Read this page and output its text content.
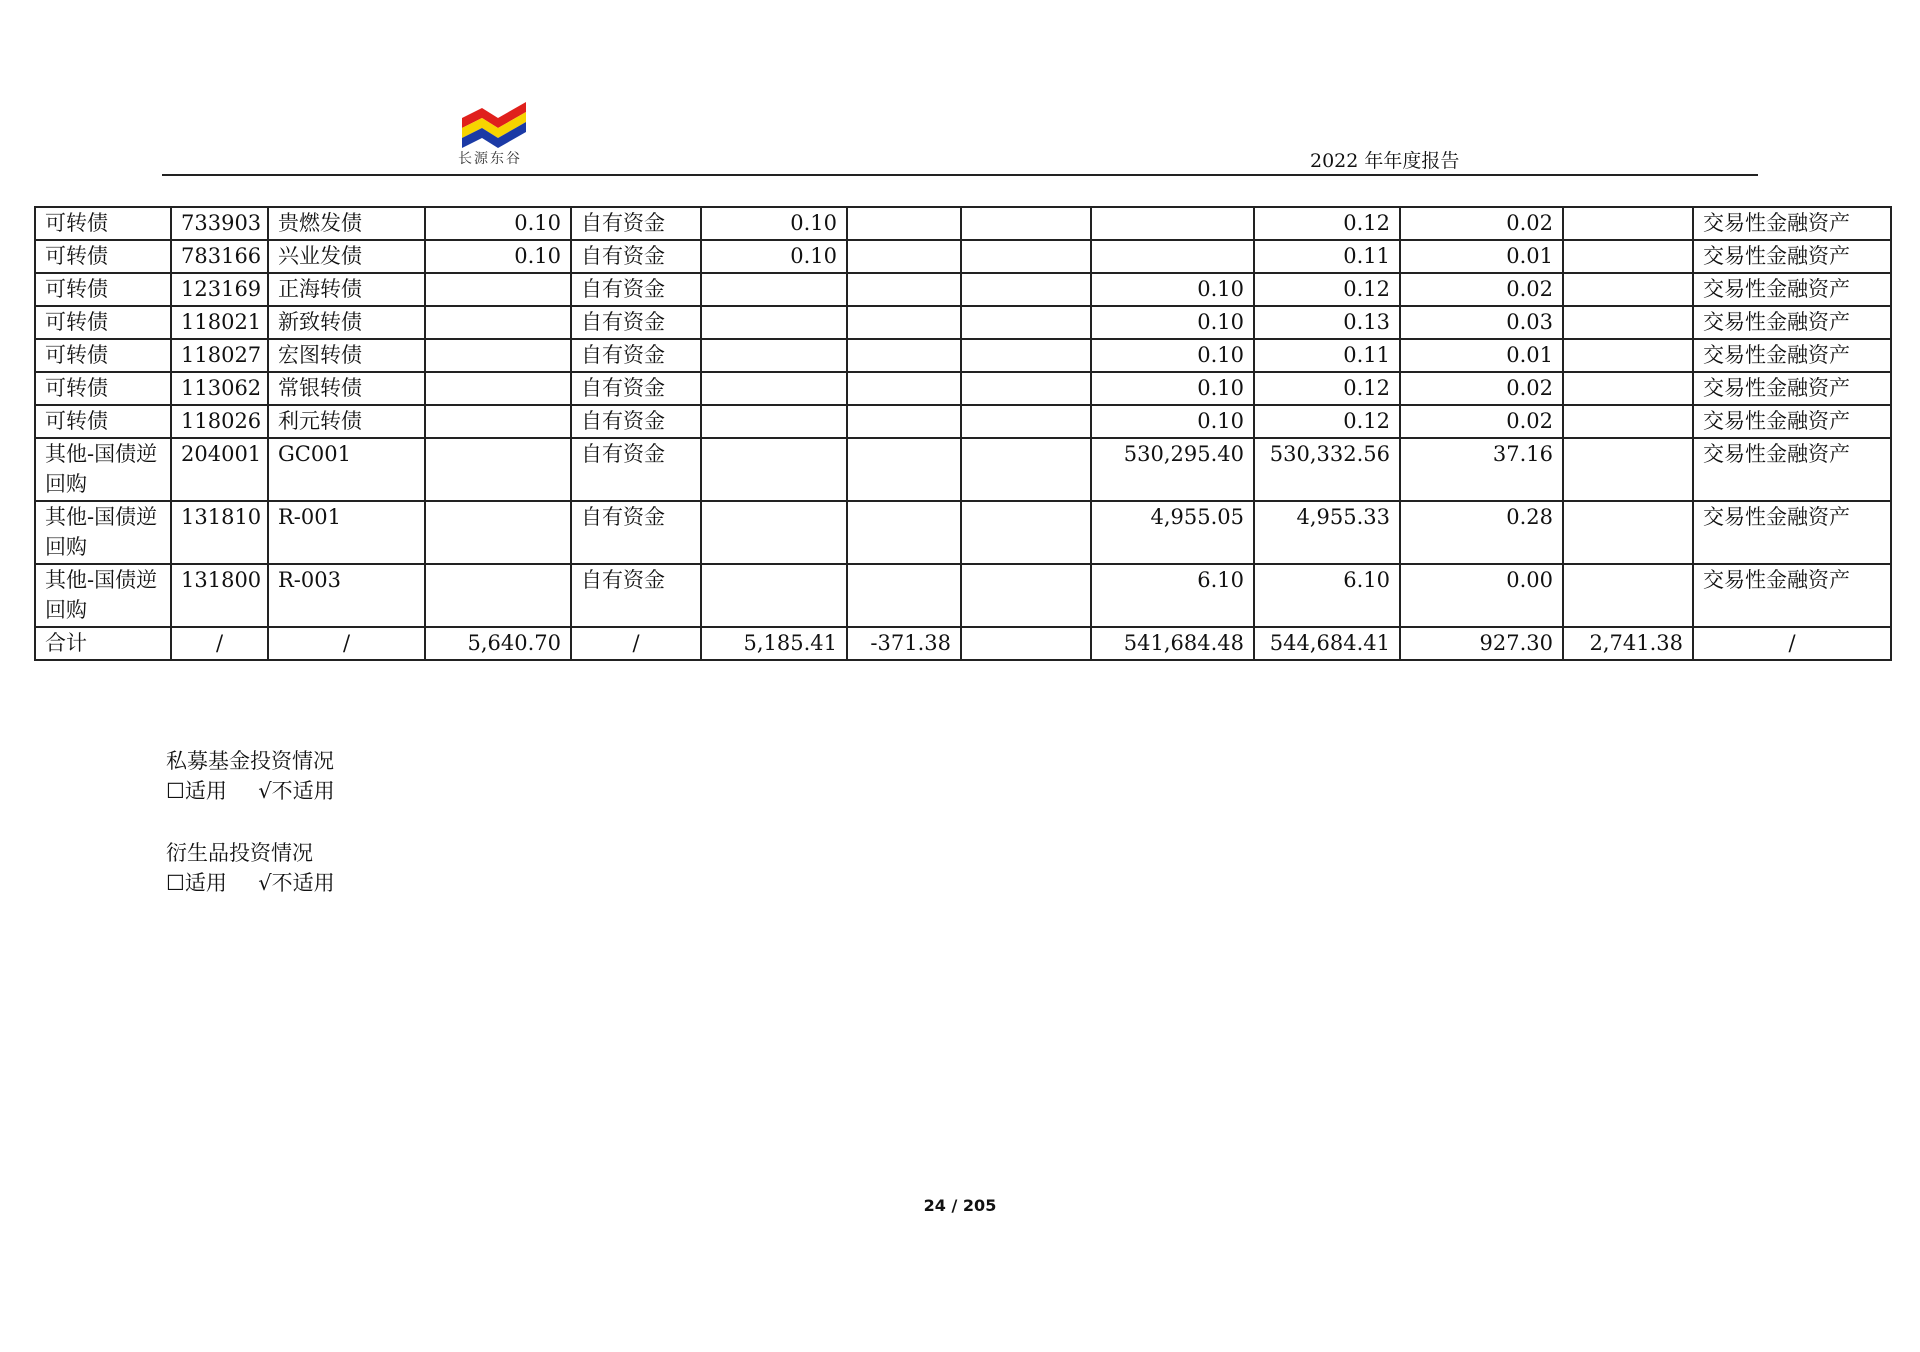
长源东谷	2022 年年度报告
可转债	733903	贵燃发债	0.10	自有资金	0.10				0.12	0.02		交易性金融资产
可转债	783166	兴业发债	0.10	自有资金	0.10				0.11	0.01		交易性金融资产
可转债	123169	正海转债		自有资金				0.10	0.12	0.02		交易性金融资产
可转债	118021	新致转债		自有资金				0.10	0.13	0.03		交易性金融资产
可转债	118027	宏图转债		自有资金				0.10	0.11	0.01		交易性金融资产
可转债	113062	常银转债		自有资金				0.10	0.12	0.02		交易性金融资产
可转债	118026	利元转债		自有资金				0.10	0.12	0.02		交易性金融资产
其他-国债逆回购	204001	GC001		自有资金				530,295.40	530,332.56	37.16		交易性金融资产
其他-国债逆回购	131810	R-001		自有资金				4,955.05	4,955.33	0.28		交易性金融资产
其他-国债逆回购	131800	R-003		自有资金				6.10	6.10	0.00		交易性金融资产
合计	/	/	5,640.70	/	5,185.41	-371.38		541,684.48	544,684.41	927.30	2,741.38	/
私募基金投资情况
☐适用 √不适用
衍生品投资情况
☐适用 √不适用
24 / 205
